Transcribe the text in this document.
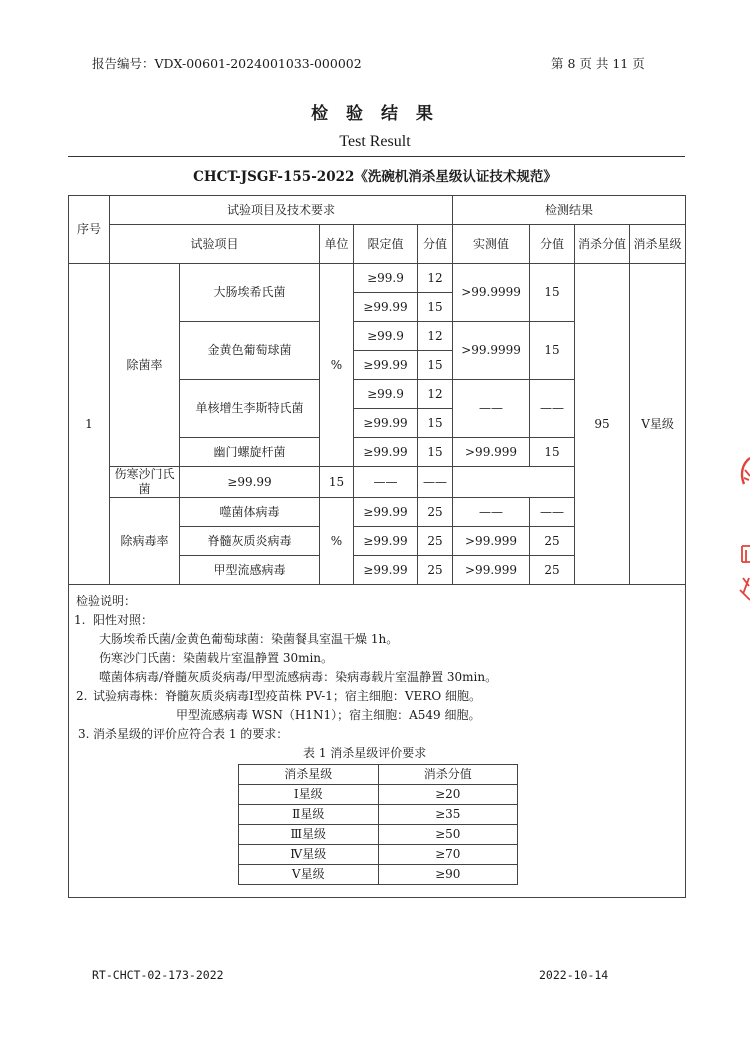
报告编号：VDX-00601-2024001033-000002	第 8 页 共 11 页
检 验 结 果
Test Result
CHCT-JSGF-155-2022《洗碗机消杀星级认证技术规范》
序号	试验项目及技术要求	检测结果
试验项目	单位	限定值	分值	实测值	分值	消杀分值	消杀星级
1	除菌率	大肠埃希氏菌	%	≥99.9	12	>99.9999	15	95	Ⅴ星级
≥99.99	15
金黄色葡萄球菌	≥99.9	12	>99.9999	15
≥99.99	15
单核增生李斯特氏菌	≥99.9	12	——	——
≥99.99	15
幽门螺旋杆菌	≥99.99	15	>99.999	15
伤寒沙门氏菌	≥99.99	15	——	——
除病毒率	噬菌体病毒	%	≥99.99	25	——	——
脊髓灰质炎病毒	≥99.99	25	>99.999	25
甲型流感病毒	≥99.99	25	>99.999	25

检验说明：
1. 阳性对照：
大肠埃希氏菌/金黄色葡萄球菌：染菌餐具室温干燥 1h。
伤寒沙门氏菌：染菌载片室温静置 30min。
噬菌体病毒/脊髓灰质炎病毒/甲型流感病毒：染病毒载片室温静置 30min。
2. 试验病毒株：脊髓灰质炎病毒Ⅰ型疫苗株 PV-1；宿主细胞：VERO 细胞。
甲型流感病毒 WSN（H1N1）；宿主细胞：A549 细胞。
3. 消杀星级的评价应符合表 1 的要求：
表 1 消杀星级评价要求
消杀星级	消杀分值
Ⅰ星级	≥20
Ⅱ星级	≥35
Ⅲ星级	≥50
Ⅳ星级	≥70
Ⅴ星级	≥90
RT-CHCT-02-173-2022	2022-10-14
